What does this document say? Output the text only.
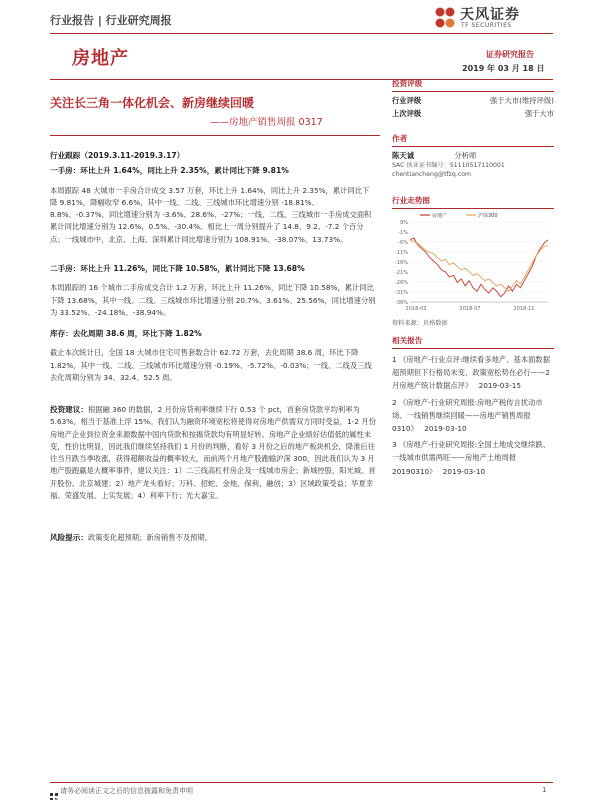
行业报告 | 行业研究周报	天风证券
TF SECURITIES
房地产	证券研究报告
2019 年 03 月 18 日
关注长三角一体化机会、新房继续回暖
——房地产销售周报 0317
行业跟踪（2019.3.11-2019.3.17）
一手房：环比上升 1.64%，同比上升 2.35%，累计同比下降 9.81%
本周跟踪 48 大城市一手房合计成交 3.57 万套，环比上升 1.64%，同比上升 2.35%，累计同比下降 9.81%，降幅收窄 6.6%，其中一线、二线、三线城市环比增速分别 -18.81%、8.8%、-0.37%，同比增速分别为 -3.6%、28.6%、-27%；一线、二线、三线城市一手房成交面积累计同比增速分别为 12.6%、0.5%、-30.4%。相比上一周分别提升了 14.8、9.2、-7.2 个百分点；一线城市中，北京、上海、深圳累计同比增速分别为 108.91%、-38.07%、13.73%。
二手房：环比上升 11.26%，同比下降 10.58%，累计同比下降 13.68%
本周跟踪的 16 个城市二手房成交合计 1.2 万套，环比上升 11.26%，同比下降 10.58%，累计同比下降 13.68%，其中一线、二线、三线城市环比增速分别 20.7%、3.61%、25.56%，同比增速分别为 33.52%、-24.18%、-38.94%。
库存：去化周期 38.6 周，环比下降 1.82%
截止本次统计日，全国 18 大城市住宅可售套数合计 62.72 万套，去化周期 38.6 周，环比下降 1.82%，其中一线、二线、三线城市环比增速分别 -0.19%、-5.72%、-0.03%；一线、二线及三线去化周期分别为 34、32.4、52.5 周。
投资建议：根据融 360 的数据，2 月份房贷利率继续下行 0.53 个 pct，首套房贷款平均利率为 5.63%，相当于基准上浮 15%。我们认为融资环境宽松将使得对房地产供需双方同时受益，1-2 月份房地产企业到位资金来源数据中国内贷款和按揭贷款均有明显好转。房地产企业绩好估值低的属性未变，性价比明显，因此我们继续坚持我们 1 月份的判断，看好 3 月份之后的地产板块机会，降准后往往当月跌当季收涨，获得超额收益的概率较大，而前两个月地产股跑输沪深 300，因此我们认为 3 月地产股跑赢是大概率事件，建议关注：1）二三线高杠杆房企及一线城市房企；新城控股、阳光城、首开股份、北京城建；2）地产龙头看好；万科、招蛇、金地、保利、融创；3）区域政策受益；华夏幸福、荣盛发展、上实发展；4）利率下行；光大嘉宝。
风险提示：政策变化超预期；新房销售不及预期。
投资评级
行业评级	强于大市(维持评级)
上次评级	强于大市
作者
陈天诚	分析师
SAC 执业证书编号：S1110517110001
chentiancheng@tfzq.com
行业走势图
9%
-1%
-6%
-11%
-16%
-21%
-26%
-31%
-36%
2018-03	2018-07	2018-11
房地产	沪深300
资料来源：贝格数据
相关报告
1 《房地产-行业点评:继续看多地产、基本面数据超预期但下行格局未变、政策宽松势在必行——2 月房地产统计数据点评》 2019-03-15
2 《房地产-行业研究周报:房地产税传言扰动市场、一线销售继续回暖——房地产销售周报 0310》 2019-03-10
3 《房地产-行业研究周报:全国土地成交继续跌、一线城市供需两旺——房地产土地周报 20190310》 2019-03-10
请务必阅读正文之后的信息披露和免责申明	1
